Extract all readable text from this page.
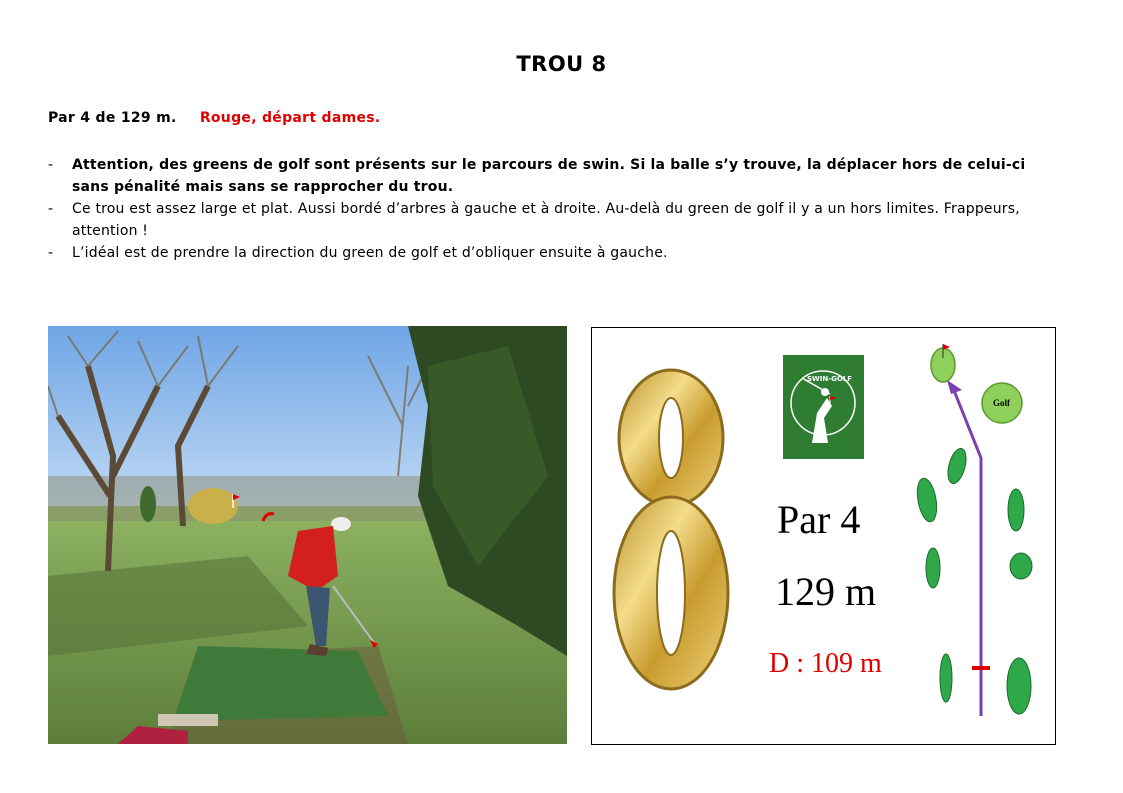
TROU 8
Par 4 de 129 m. Rouge, départ dames.
-	Attention, des greens de golf sont présents sur le parcours de swin. Si la balle s’y trouve, la déplacer hors de celui-ci sans pénalité mais sans se rapprocher du trou.
-	Ce trou est assez large et plat. Aussi bordé d’arbres à gauche et à droite. Au-delà du green de golf il y a un hors limites. Frappeurs, attention !
-	L’idéal est de prendre la direction du green de golf et d’obliquer ensuite à gauche.
SWIN-GOLF
Golf
Par 4
129 m
D : 109 m
